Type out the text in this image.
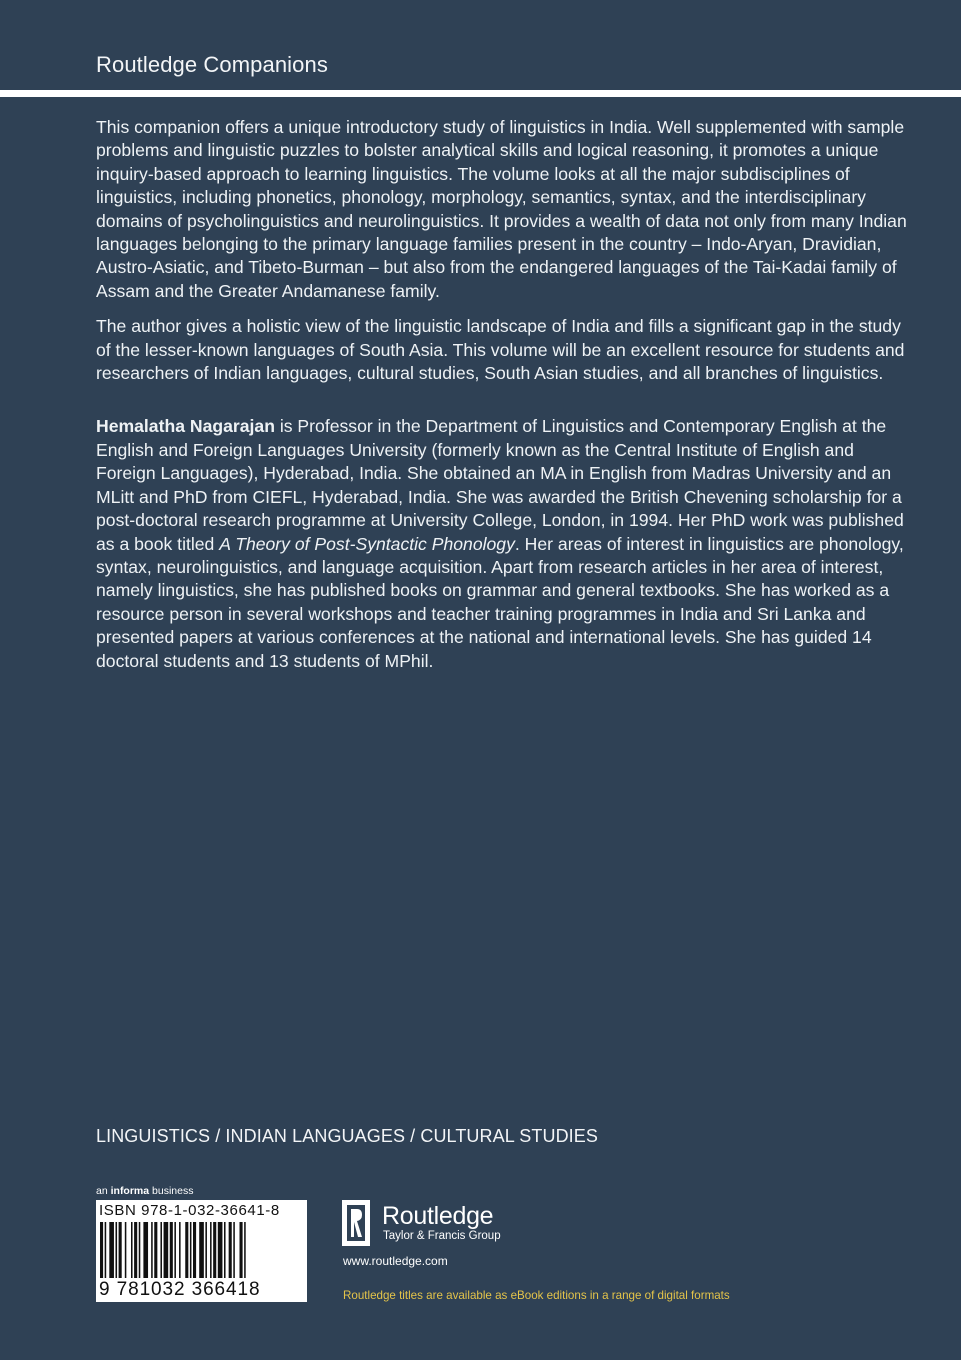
Routledge Companions

This companion offers a unique introductory study of linguistics in India. Well supplemented with sample problems and linguistic puzzles to bolster analytical skills and logical reasoning, it promotes a unique inquiry-based approach to learning linguistics. The volume looks at all the major subdisciplines of linguistics, including phonetics, phonology, morphology, semantics, syntax, and the interdisciplinary domains of psycholinguistics and neurolinguistics. It provides a wealth of data not only from many Indian languages belonging to the primary language families present in the country – Indo-Aryan, Dravidian, Austro-Asiatic, and Tibeto-Burman – but also from the endangered languages of the Tai-Kadai family of Assam and the Greater Andamanese family.

The author gives a holistic view of the linguistic landscape of India and fills a significant gap in the study of the lesser-known languages of South Asia. This volume will be an excellent resource for students and researchers of Indian languages, cultural studies, South Asian studies, and all branches of linguistics.

Hemalatha Nagarajan is Professor in the Department of Linguistics and Contemporary English at the English and Foreign Languages University (formerly known as the Central Institute of English and Foreign Languages), Hyderabad, India. She obtained an MA in English from Madras University and an MLitt and PhD from CIEFL, Hyderabad, India. She was awarded the British Chevening scholarship for a post-doctoral research programme at University College, London, in 1994. Her PhD work was published as a book titled A Theory of Post-Syntactic Phonology. Her areas of interest in linguistics are phonology, syntax, neurolinguistics, and language acquisition. Apart from research articles in her area of interest, namely linguistics, she has published books on grammar and general textbooks. She has worked as a resource person in several workshops and teacher training programmes in India and Sri Lanka and presented papers at various conferences at the national and international levels. She has guided 14 doctoral students and 13 students of MPhil.

LINGUISTICS / INDIAN LANGUAGES / CULTURAL STUDIES
an informa business
ISBN 978-1-032-36641-8
9 781032 366418
Routledge
Taylor & Francis Group
www.routledge.com
Routledge titles are available as eBook editions in a range of digital formats
